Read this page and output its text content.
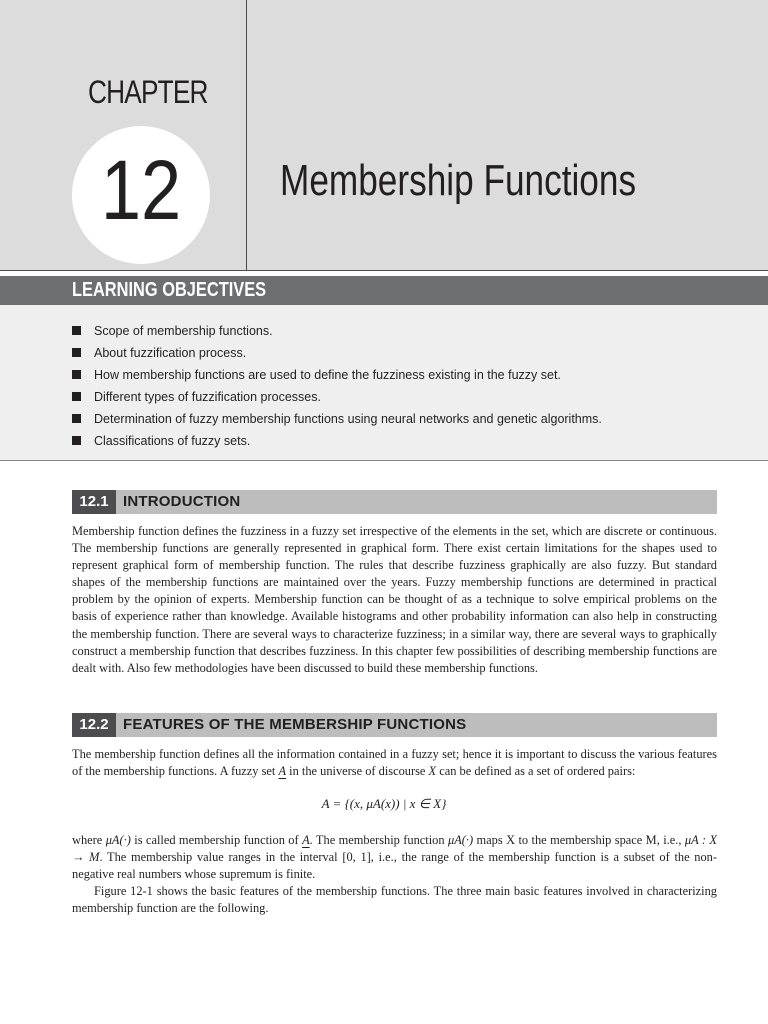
CHAPTER
12	Membership Functions
LEARNING OBJECTIVES
Scope of membership functions.
About fuzzification process.
How membership functions are used to define the fuzziness existing in the fuzzy set.
Different types of fuzzification processes.
Determination of fuzzy membership functions using neural networks and genetic algorithms.
Classifications of fuzzy sets.
12.1 INTRODUCTION

Membership function defines the fuzziness in a fuzzy set irrespective of the elements in the set, which are discrete or continuous. The membership functions are generally represented in graphical form. There exist certain limitations for the shapes used to represent graphical form of membership function. The rules that describe fuzziness graphically are also fuzzy. But standard shapes of the membership functions are maintained over the years. Fuzzy membership functions are determined in practical problem by the opinion of experts. Membership function can be thought of as a technique to solve empirical problems on the basis of experience rather than knowledge. Available histograms and other probability information can also help in constructing the membership function. There are several ways to characterize fuzziness; in a similar way, there are several ways to graphically construct a membership function that describes fuzziness. In this chapter few possibilities of describing membership functions are dealt with. Also few methodologies have been discussed to build these membership functions.

12.2 FEATURES OF THE MEMBERSHIP FUNCTIONS

The membership function defines all the information contained in a fuzzy set; hence it is important to discuss the various features of the membership functions. A fuzzy set A in the universe of discourse X can be defined as a set of ordered pairs:

A = {(x, μA(x)) | x ∈ X}

where μA(·) is called membership function of A. The membership function μA(·) maps X to the membership space M, i.e., μA : X → M. The membership value ranges in the interval [0, 1], i.e., the range of the membership function is a subset of the non-negative real numbers whose supremum is finite.

Figure 12-1 shows the basic features of the membership functions. The three main basic features involved in characterizing membership function are the following.
